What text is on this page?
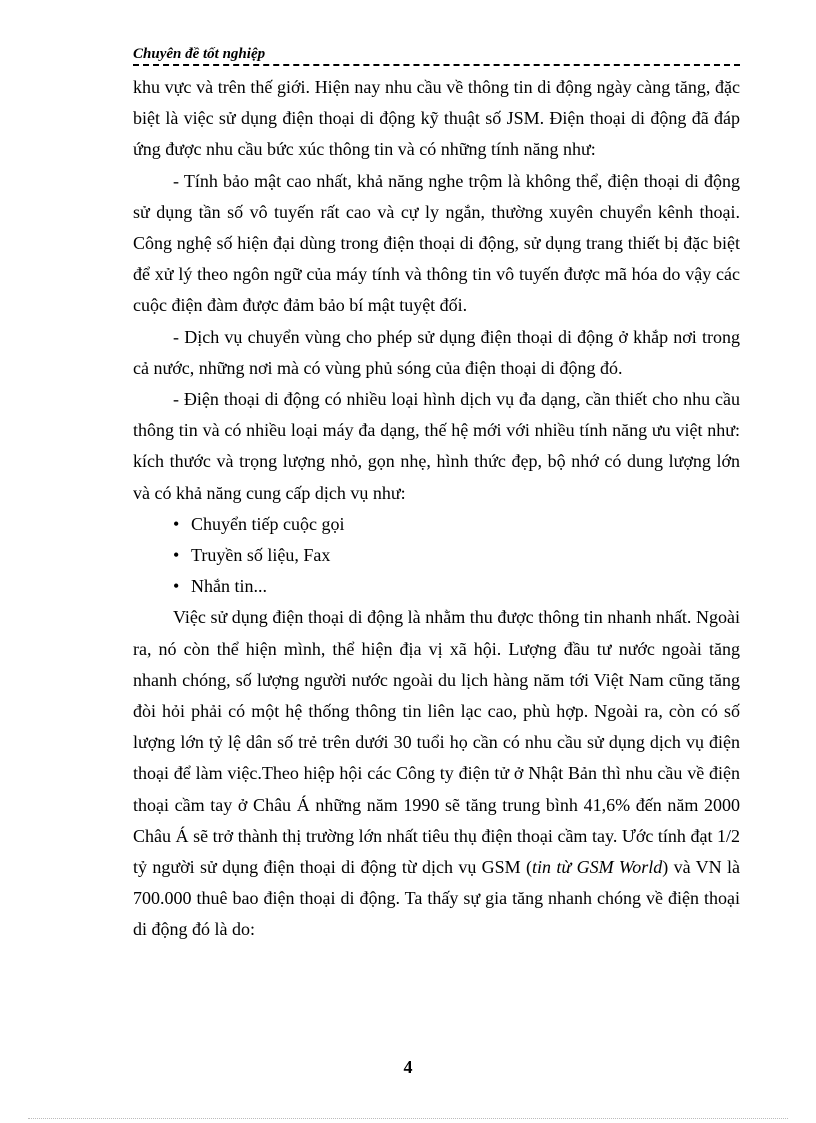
Chuyên đề tốt nghiệp

khu vực và trên thế giới. Hiện nay nhu cầu về thông tin di động ngày càng tăng, đặc biệt là việc sử dụng điện thoại di động kỹ thuật số JSM. Điện thoại di động đã đáp ứng được nhu cầu bức xúc thông tin và có những tính năng như:

- Tính bảo mật cao nhất, khả năng nghe trộm là không thể, điện thoại di động sử dụng tần số vô tuyến rất cao và cự ly ngắn, thường xuyên chuyển kênh thoại. Công nghệ số hiện đại dùng trong điện thoại di động, sử dụng trang thiết bị đặc biệt để xử lý theo ngôn ngữ của máy tính và thông tin vô tuyến được mã hóa do vậy các cuộc điện đàm được đảm bảo bí mật tuyệt đối.

- Dịch vụ chuyển vùng cho phép sử dụng điện thoại di động ở khắp nơi trong cả nước, những nơi mà có vùng phủ sóng của điện thoại di động đó.

- Điện thoại di động có nhiều loại hình dịch vụ đa dạng, cần thiết cho nhu cầu thông tin và có nhiều loại máy đa dạng, thế hệ mới với nhiều tính năng ưu việt như: kích thước và trọng lượng nhỏ, gọn nhẹ, hình thức đẹp, bộ nhớ có dung lượng lớn và có khả năng cung cấp dịch vụ như:

• Chuyển tiếp cuộc gọi
• Truyền số liệu, Fax
• Nhắn tin...

Việc sử dụng điện thoại di động là nhằm thu được thông tin nhanh nhất. Ngoài ra, nó còn thể hiện mình, thể hiện địa vị xã hội. Lượng đầu tư nước ngoài tăng nhanh chóng, số lượng người nước ngoài du lịch hàng năm tới Việt Nam cũng tăng đòi hỏi phải có một hệ thống thông tin liên lạc cao, phù hợp. Ngoài ra, còn có số lượng lớn tỷ lệ dân số trẻ trên dưới 30 tuổi họ cần có nhu cầu sử dụng dịch vụ điện thoại để làm việc.Theo hiệp hội các Công ty điện tử ở Nhật Bản thì nhu cầu về điện thoại cầm tay ở Châu Á những năm 1990 sẽ tăng trung bình 41,6% đến năm 2000 Châu Á sẽ trở thành thị trường lớn nhất tiêu thụ điện thoại cầm tay. Ước tính đạt 1/2 tỷ người sử dụng điện thoại di động từ dịch vụ GSM (tin từ GSM World) và VN là 700.000 thuê bao điện thoại di động. Ta thấy sự gia tăng nhanh chóng về điện thoại di động đó là do:

4
